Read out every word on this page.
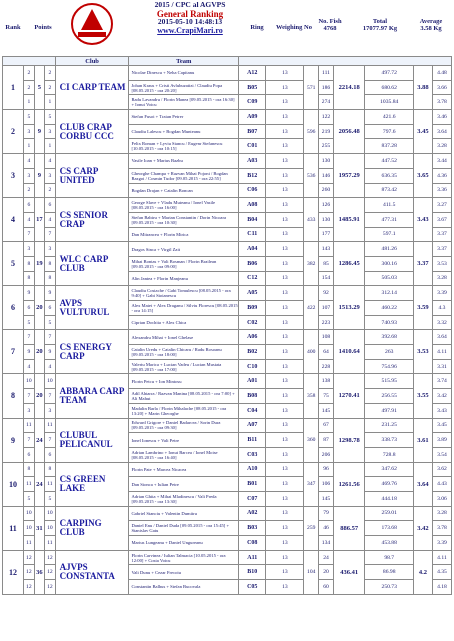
2015 / CPC al AGVPS
General Ranking
2015-05-10 14:48:13
www.CrapiMari.ro
Rank	Points	Ring	Weighing No
No. Fish
4768
Total
17077.97 Kg
Average
3.58 Kg
				Club	Team								
1	2	5	2	CI CARP TEAM	Nicolae Dinescu + Neha Capitanu	A12	13	571	111	2214.18	497.72	3.88	4.48
	2		2		Johan Kraus + Cristi Avlubuzatizi / Claudiu Popa [08.05.2015 - ora 20:20]	B05	13		186		680.62		3.66
	1		1		Radu Lavandru / Florin Manea [09.05.2015 - ora 16:30] + Ionut Voicu	C09	13		274		1035.84		3.78
2	5	9	5	CLUB CRAP CORBU CCC	Stefan Fusoi + Traian Petrer	A09	13	596	122	2056.48	421.6	3.45	3.46
	3		3		Claudiu Lalescu + Bogdan Munteanu	B07	13		219		797.6		3.64
	1		1		Felix Roman + Lyviu Stancu / Eugenr Stefanescu [10.05.2015 - ora 10:15]	C01	13		255		837.28		3.28
3	4	9	4	CS CARP UNITED	Vasile Ioan + Marius Bazbu	A03	13	536	130	1957.29	447.52	3.65	3.44
	3		3		Gheorghe Champa + Razvan Mihai Pojoni / Bogdan Razgoi / Cosmin Tudor [09.05.2015 - ora 22:55]	B12	13		146		636.35		4.36
	2		2		Bogdan Drajan + Catalin Boncan	C06	13		260		873.42		3.36
4	6	17	6	CS SENIOR CRAP	George Slave + Vladu Muteanu / Ionel Vasile [08.05.2015 - ora 16:00]	A08	13	433	126	1485.91	411.5	3.43	3.27
	4		4		Stefan Babiru + Marian Constantin / Dorin Nicoara [09.05.2015 - ora 10:30]	B04	13		130		477.31		3.67
	7		7		Dan Mitrancea + Florin Mirica	C11	13		177		597.1		3.37
5	3	19	3	WLC CARP CLUB	Dragos Sinca + Virgil Zait	A04	13	382	143	1286.45	481.26	3.37	3.37
	8		8		Mihai Bontas + Vali Bosman / Florin Brailean [09.05.2015 - ora 09:00]	B06	13		85		300.16		3.53
	8		8		Alin Jantea + Florin Manjeanu	C12	13		154		505.03		3.28
6	9	20	9	AVPS VULTURUL	Claudiu Costache / Gabi Tomulescu [08.05.2015 - ora 9:40] + Gabi Stoianescu	A05	13	422	92	1513.29	312.14	3.59	3.39
	6		6		Alex Matei + Alex Draganu / Silviu Florescu [08.05.2015 - ora 14:15]	B09	13		107		460.22		4.3
	5		5		Ciprian Dochita + Alex Chica	C02	13		223		740.93		3.32
7	7	20	7	CS ENERGY CARP	Alexandru Mihai + Ionel Ghelase	A06	13	400	108	1410.64	392.68	3.53	3.64
	9		9		Catalin Uredu + Catalin Chicaru / Radu Rosoanu [09.05.2015 - ora 18:00]	B02	13		64		263		4.11
	4		4		Valeriu Marica + Lucian Vadeu / Lucian Mustata [09.05.2015 - ora 17:00]	C10	13		228		754.96		3.31
8	10	20	10	ABBARA CARP TEAM	Florin Petcu + Ion Mintosu	A01	13	358	138	1270.41	515.95	3.55	3.74
	7		7		Adil Ahtarra / Razvan Manina [08.05.2015 - ora 7:00] + Ali Mahut	B08	13		75		256.55		3.42
	3		3		Madalin Barla / Florin Mihalache [08.05.2015 - ora 13:20] + Marin Gheorghe	C04	13		145		497.91		3.43
9	11	24	11	CLUBUL PELICANUL	Edward Grigore + Daniel Badarcea / Sorin Dura [09.05.2015 - ora 09:30]	A07	13	360	67	1298.78	231.25	3.61	3.45
	7		7		Ionel Ionescu + Vali Petre	B11	13		87		338.73		3.89
	6		6		Adrian Lambrino + Ionut Barcea / Ionel Moise [08.05.2015 - ora 16:40]	C03	13		206		728.8		3.54
10	8	24	8	CS GREEN LAKE	Florin Pate + Marcea Nicacea	A10	13	347	96	1261.56	347.62	3.64	3.62
	11		11		Dan Sionca + Iulian Petre	B01	13		106		469.76		4.43
	5		5		Adrian Ghita + Mihai Mladinescu / Vali Preda [09.05.2015 - ora 13:30]	C07	13		145		444.18		3.06
11	10	31	10	CARPING CLUB	Gabriel Stanciu + Valentin Dumitru	A02	13	259	79	886.57	259.01	3.42	3.28
	10		10		Daniel Enu / Daniel Duda [09.05.2015 - ora 15:45] + Stanislav Gatu	B03	13		46		173.68		3.78
	11		11		Marius Lungeanu + Daniel Ungureanu	C08	13		134		453.88		3.39
12	12	36	12	AJVPS CONSTANTA	Florin Carvinea / Iulian Talmacia [10.05.2015 - ora 12:00] + Costa Voicu	A11	13	104	24	436.41	98.7	4.2	4.11
	12		12		Vali Dunu + Cezar Frecoiu	B10	13		20		86.98		4.35
	12		12		Constantin Balhus + Stefan Bucovala	C05	13		60		250.73		4.18
